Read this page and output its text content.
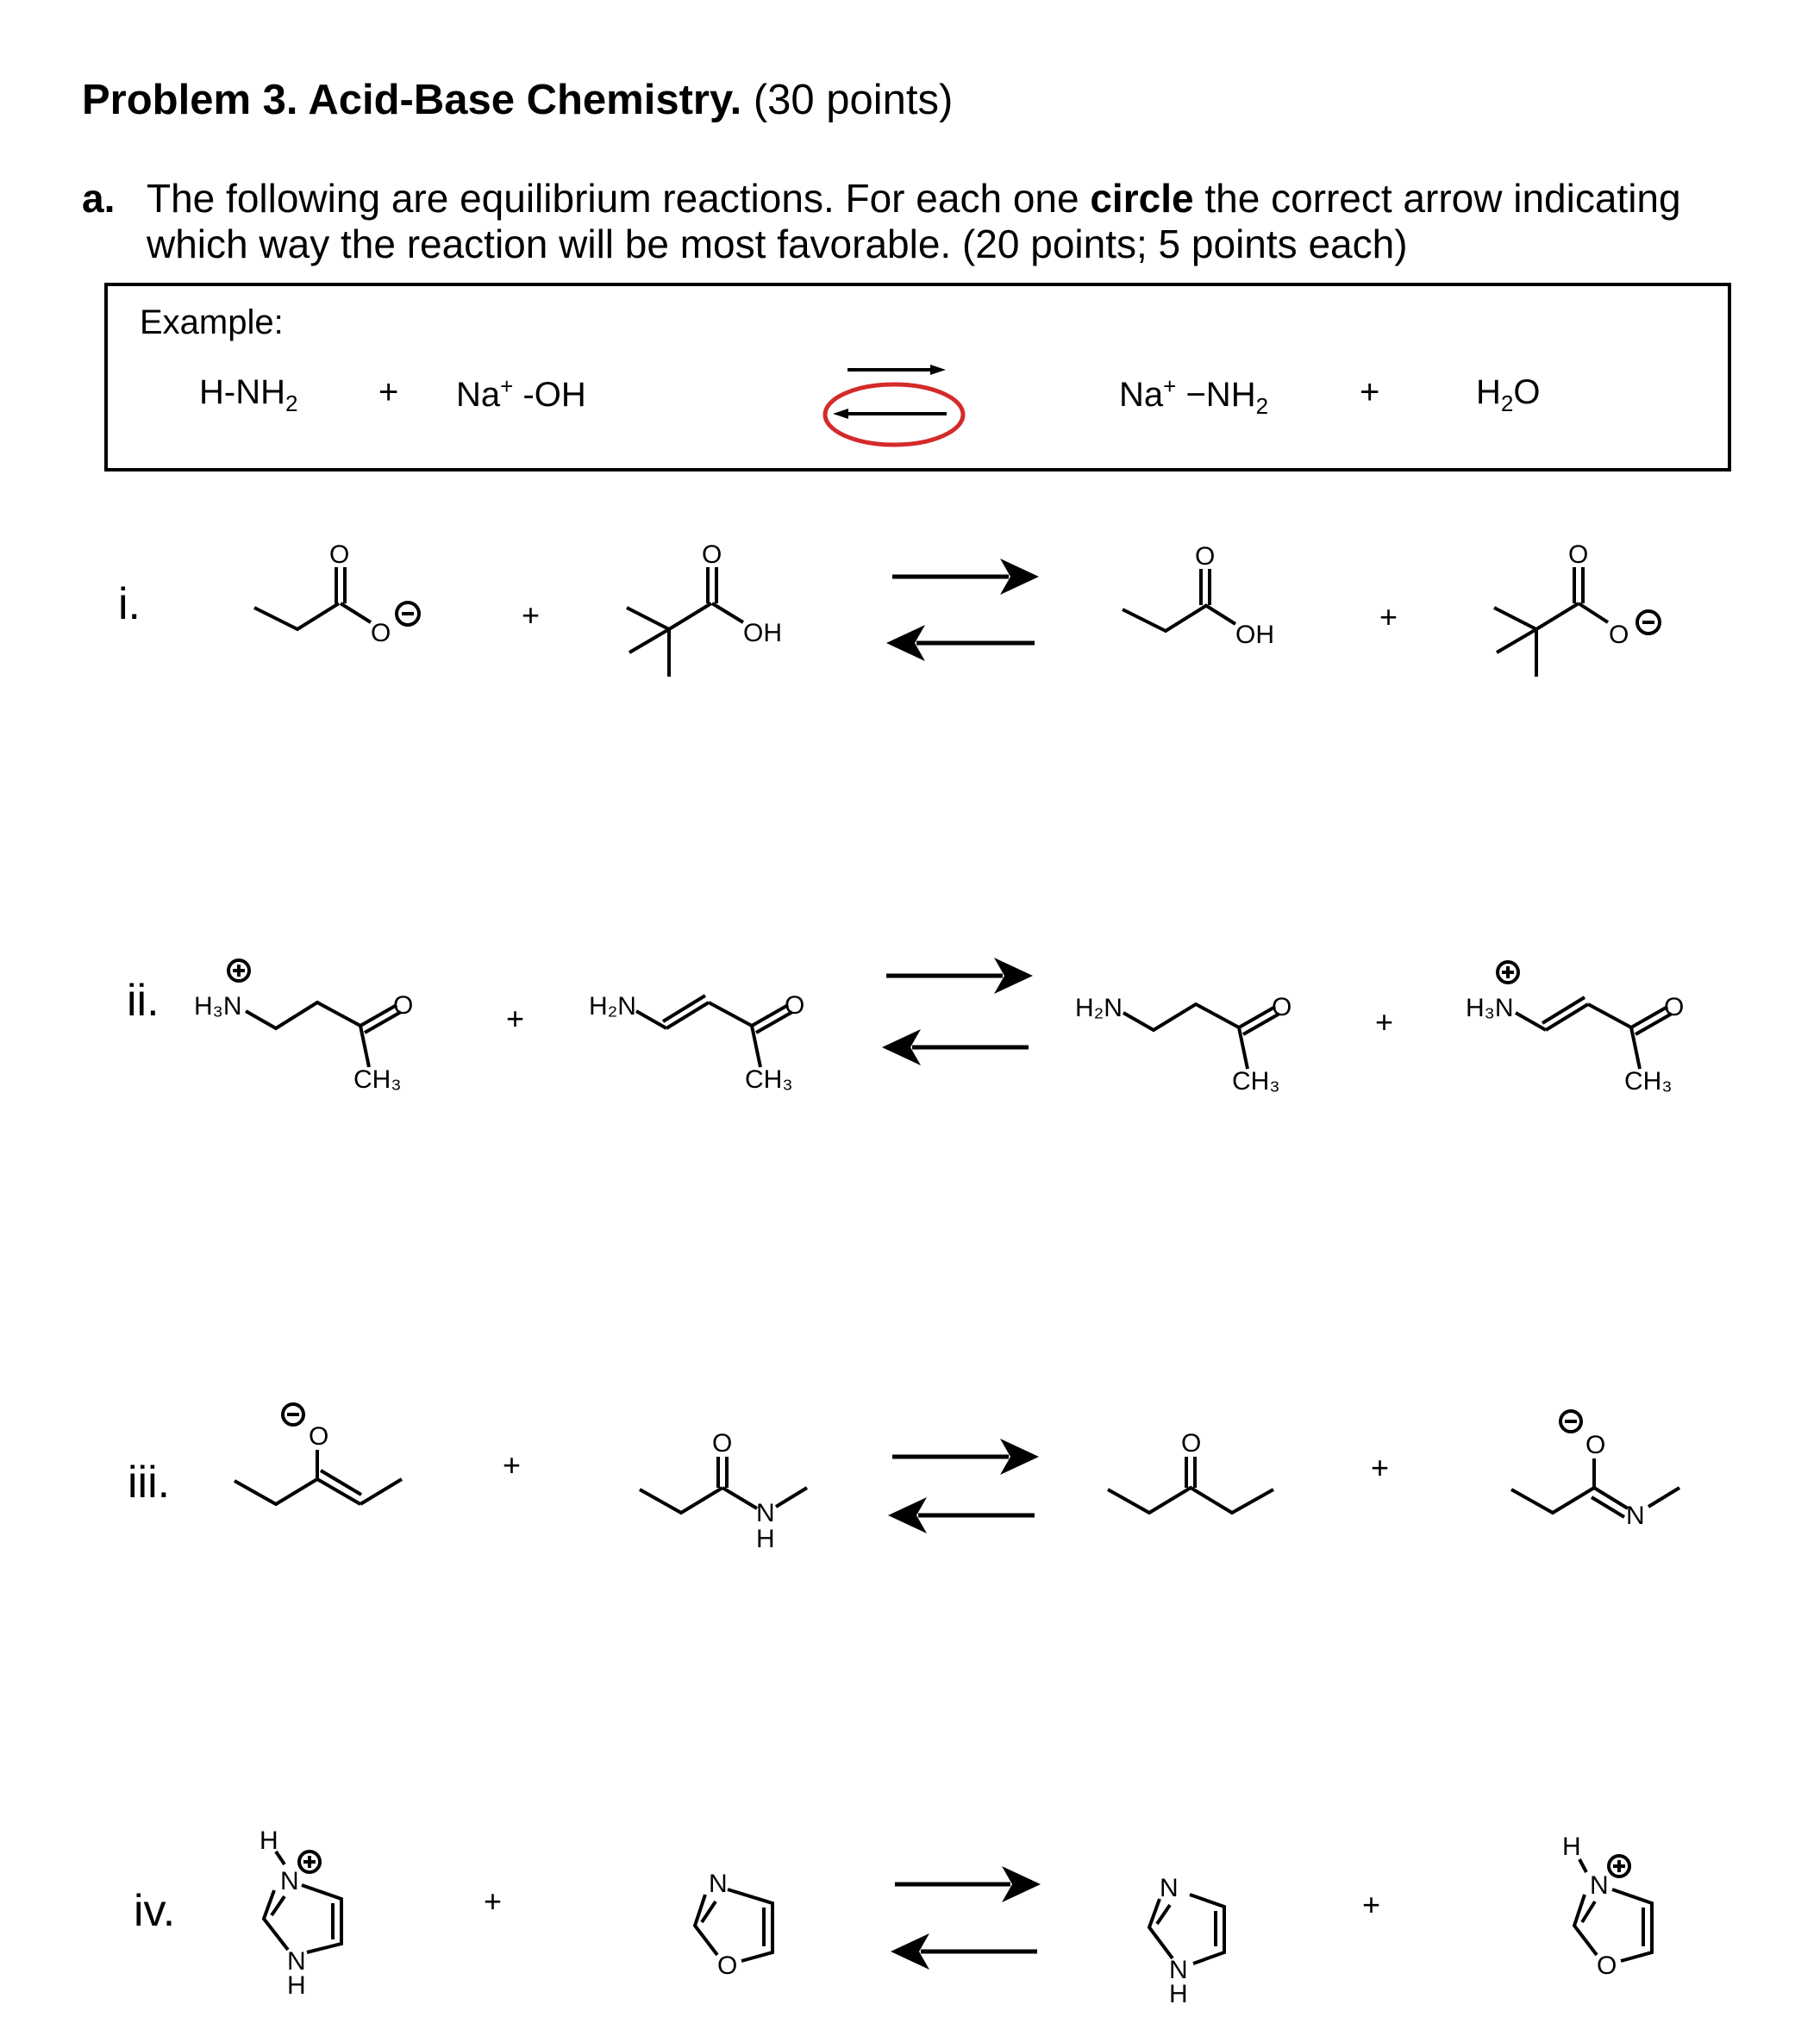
Problem 3. Acid-Base Chemistry. (30 points)
a. The following are equilibrium reactions. For each one circle the correct arrow indicating
which way the reaction will be most favorable. (20 points; 5 points each)
Example:
$H-NH_2 + Na^+$ -OH	$Na^+ -NH_2$	+	$H_2O$
i.
ii.
iii.
iv.
+	+
+	+
+	+
+	+
O
O
O
OH
O
OH
O
O
H₃N	O
CH₃
H₂N	O
CH₃
H₂N	O
CH₃
H₃N	O
CH₃
O	O
N
H
O	O
N
H
N
N
H
N
O
N
N
H
H
N
O
